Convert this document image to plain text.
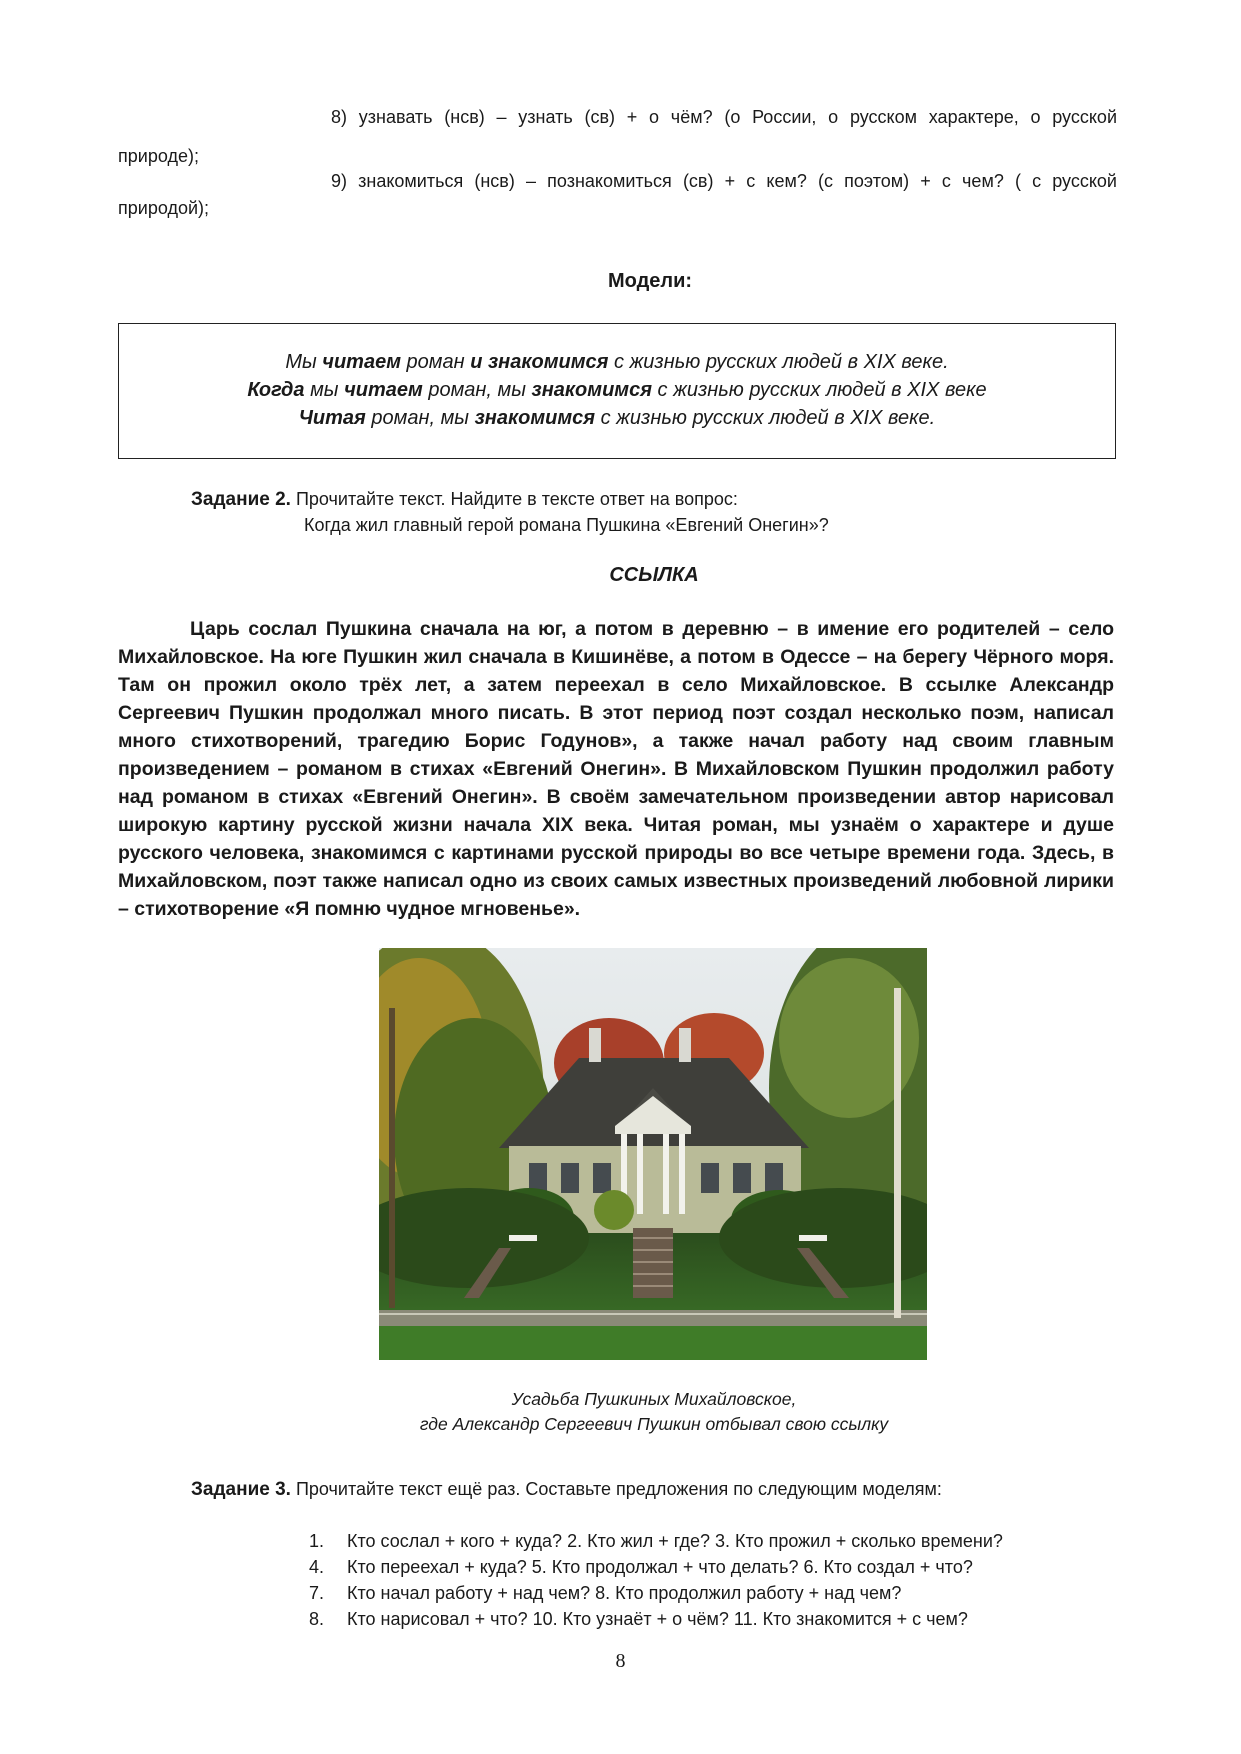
8) узнавать (нсв) – узнать (св) + о чём? (о России, о русском характере, о русской
природе);
9) знакомиться (нсв) – познакомиться (св) + с кем? (с поэтом) + с чем? ( с русской
природой);
Модели:
Мы читаем роман и знакомимся с жизнью русских людей в XIX веке.
Когда мы читаем роман, мы знакомимся с жизнью русских людей в XIX веке
Читая роман, мы знакомимся с жизнью русских людей в XIX веке.
Задание 2. Прочитайте текст. Найдите в тексте ответ на вопрос:
Когда жил главный герой романа Пушкина «Евгений Онегин»?
ССЫЛКА
Царь сослал Пушкина сначала на юг, а потом в деревню – в имение его родителей – село Михайловское. На юге Пушкин жил сначала в Кишинёве, а потом в Одессе – на берегу Чёрного моря. Там он прожил около трёх лет, а затем переехал в село Михайловское. В ссылке Александр Сергеевич Пушкин продолжал много писать. В этот период поэт создал несколько поэм, написал много стихотворений, трагедию Борис Годунов», а также начал работу над своим главным произведением – романом в стихах «Евгений Онегин». В Михайловском Пушкин продолжил работу над романом в стихах «Евгений Онегин». В своём замечательном произведении автор нарисовал широкую картину русской жизни начала XIX века. Читая роман, мы узнаём о характере и душе русского человека, знакомимся с картинами русской природы во все четыре времени года. Здесь, в Михайловском, поэт также написал одно из своих самых известных произведений любовной лирики – стихотворение «Я помню чудное мгновенье».
Усадьба Пушкиных Михайловское,
где Александр Сергеевич Пушкин отбывал свою ссылку
Задание 3. Прочитайте текст ещё раз. Составьте предложения по следующим моделям:
1. Кто сослал + кого + куда? 2. Кто жил + где? 3. Кто прожил + сколько времени?
4. Кто переехал + куда? 5. Кто продолжал + что делать? 6. Кто создал + что?
7. Кто начал работу + над чем? 8. Кто продолжил работу + над чем?
8. Кто нарисовал + что? 10. Кто узнаёт + о чём? 11. Кто знакомится + с чем?
8
